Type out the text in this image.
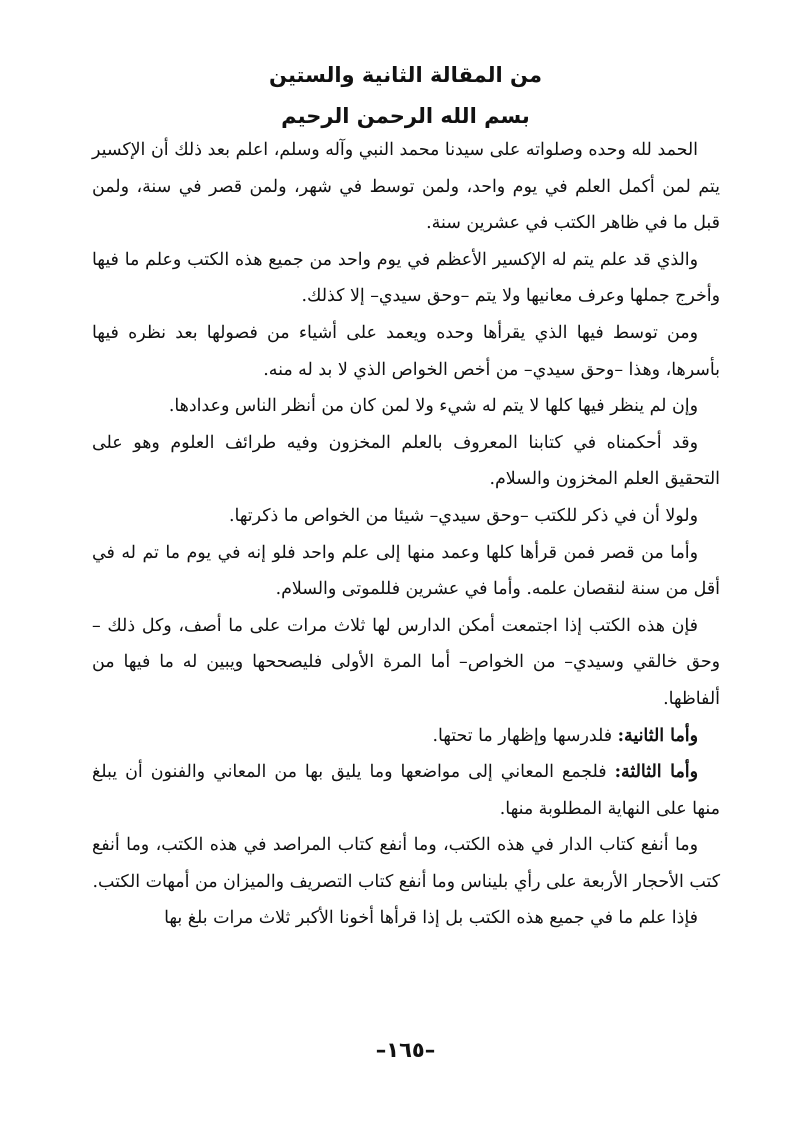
من المقالة الثانية والستين
بسم الله الرحمن الرحيم

الحمد لله وحده وصلواته على سيدنا محمد النبي وآله وسلم، اعلم بعد ذلك أن الإكسير يتم لمن أكمل العلم في يوم واحد، ولمن توسط في شهر، ولمن قصر في سنة، ولمن قبل ما في ظاهر الكتب في عشرين سنة.

والذي قد علم يتم له الإكسير الأعظم في يوم واحد من جميع هذه الكتب وعلم ما فيها وأخرج جملها وعرف معانيها ولا يتم –وحق سيدي– إلا كذلك.

ومن توسط فيها الذي يقرأها وحده ويعمد على أشياء من فصولها بعد نظره فيها بأسرها، وهذا –وحق سيدي– من أخص الخواص الذي لا بد له منه.

وإن لم ينظر فيها كلها لا يتم له شيء ولا لمن كان من أنظر الناس وعدادها.

وقد أحكمناه في كتابنا المعروف بالعلم المخزون وفيه طرائف العلوم وهو على التحقيق العلم المخزون والسلام.

ولولا أن في ذكر للكتب –وحق سيدي– شيئا من الخواص ما ذكرتها.

وأما من قصر فمن قرأها كلها وعمد منها إلى علم واحد فلو إنه في يوم ما تم له في أقل من سنة لنقصان علمه. وأما في عشرين فللموتى والسلام.

فإن هذه الكتب إذا اجتمعت أمكن الدارس لها ثلاث مرات على ما أصف، وكل ذلك – وحق خالقي وسيدي– من الخواص– أما المرة الأولى فليصححها ويبين له ما فيها من ألفاظها.

وأما الثانية: فلدرسها وإظهار ما تحتها.

وأما الثالثة: فلجمع المعاني إلى مواضعها وما يليق بها من المعاني والفنون أن يبلغ منها على النهاية المطلوبة منها.

وما أنفع كتاب الدار في هذه الكتب، وما أنفع كتاب المراصد في هذه الكتب، وما أنفع كتب الأحجار الأربعة على رأي بليناس وما أنفع كتاب التصريف والميزان من أمهات الكتب.

فإذا علم ما في جميع هذه الكتب بل إذا قرأها أخونا الأكبر ثلاث مرات بلغ بها

–١٦٥–
